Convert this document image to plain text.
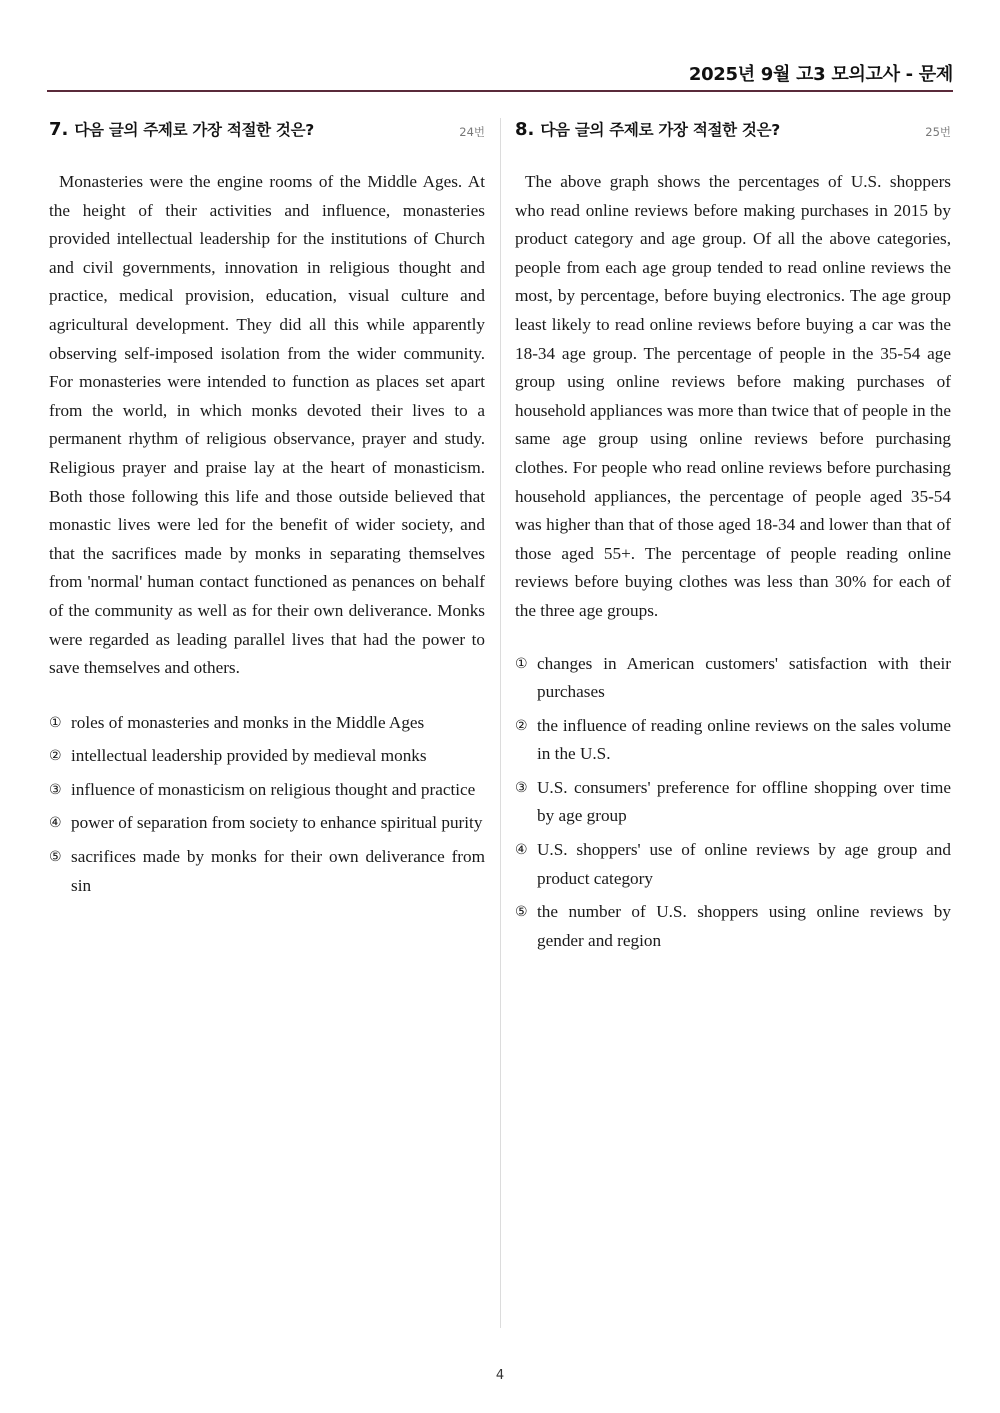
2025년 9월 고3 모의고사 - 문제
7. 다음 글의 주제로 가장 적절한 것은?	24번
Monasteries were the engine rooms of the Middle Ages. At the height of their activities and influence, monasteries provided intellectual leadership for the institutions of Church and civil governments, innovation in religious thought and practice, medical provision, education, visual culture and agricultural development. They did all this while apparently observing self-imposed isolation from the wider community. For monasteries were intended to function as places set apart from the world, in which monks devoted their lives to a permanent rhythm of religious observance, prayer and study. Religious prayer and praise lay at the heart of monasticism. Both those following this life and those outside believed that monastic lives were led for the benefit of wider society, and that the sacrifices made by monks in separating themselves from 'normal' human contact functioned as penances on behalf of the community as well as for their own deliverance. Monks were regarded as leading parallel lives that had the power to save themselves and others.
① roles of monasteries and monks in the Middle Ages
② intellectual leadership provided by medieval monks
③ influence of monasticism on religious thought and practice
④ power of separation from society to enhance spiritual purity
⑤ sacrifices made by monks for their own deliverance from sin
8. 다음 글의 주제로 가장 적절한 것은?	25번
The above graph shows the percentages of U.S. shoppers who read online reviews before making purchases in 2015 by product category and age group. Of all the above categories, people from each age group tended to read online reviews the most, by percentage, before buying electronics. The age group least likely to read online reviews before buying a car was the 18-34 age group. The percentage of people in the 35-54 age group using online reviews before making purchases of household appliances was more than twice that of people in the same age group using online reviews before purchasing clothes. For people who read online reviews before purchasing household appliances, the percentage of people aged 35-54 was higher than that of those aged 18-34 and lower than that of those aged 55+. The percentage of people reading online reviews before buying clothes was less than 30% for each of the three age groups.
① changes in American customers' satisfaction with their purchases
② the influence of reading online reviews on the sales volume in the U.S.
③ U.S. consumers' preference for offline shopping over time by age group
④ U.S. shoppers' use of online reviews by age group and product category
⑤ the number of U.S. shoppers using online reviews by gender and region
4
